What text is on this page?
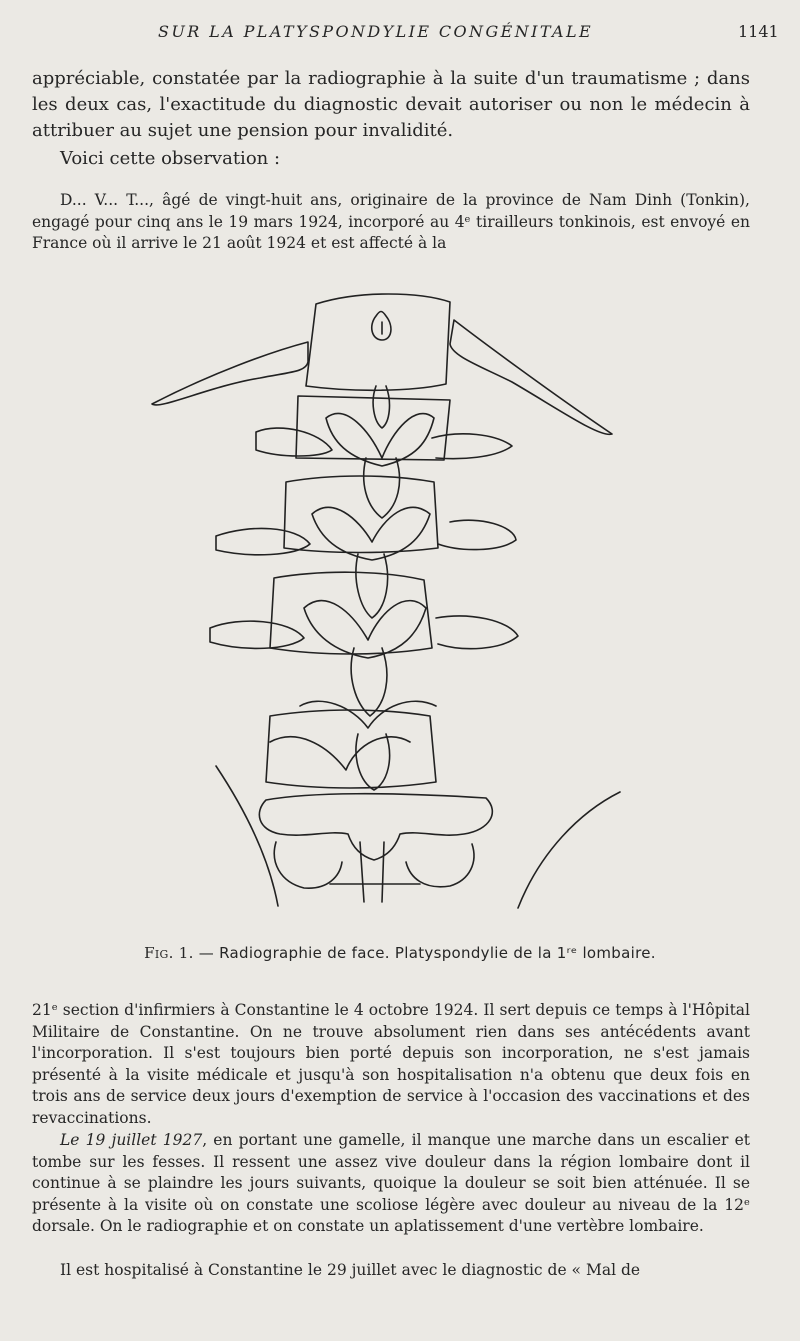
SUR LA PLATYSPONDYLIE CONGÉNITALE	1141

appréciable, constatée par la radiographie à la suite d'un traumatisme ; dans les deux cas, l'exactitude du diagnostic devait autoriser ou non le médecin à attribuer au sujet une pension pour invalidité.

Voici cette observation :

D... V... T..., âgé de vingt-huit ans, originaire de la province de Nam Dinh (Tonkin), engagé pour cinq ans le 19 mars 1924, incorporé au 4ᵉ tirailleurs tonkinois, est envoyé en France où il arrive le 21 août 1924 et est affecté à la

Fig. 1. — Radiographie de face. Platyspondylie de la 1ʳᵉ lombaire.

21ᵉ section d'infirmiers à Constantine le 4 octobre 1924. Il sert depuis ce temps à l'Hôpital Militaire de Constantine. On ne trouve absolument rien dans ses antécédents avant l'incorporation. Il s'est toujours bien porté depuis son incorporation, ne s'est jamais présenté à la visite médicale et jusqu'à son hospitalisation n'a obtenu que deux fois en trois ans de service deux jours d'exemption de service à l'occasion des vaccinations et des revaccinations.

Le 19 juillet 1927, en portant une gamelle, il manque une marche dans un escalier et tombe sur les fesses. Il ressent une assez vive douleur dans la région lombaire dont il continue à se plaindre les jours suivants, quoique la douleur se soit bien atténuée. Il se présente à la visite où on constate une scoliose légère avec douleur au niveau de la 12ᵉ dorsale. On le radiographie et on constate un aplatissement d'une vertèbre lombaire.

Il est hospitalisé à Constantine le 29 juillet avec le diagnostic de « Mal de
